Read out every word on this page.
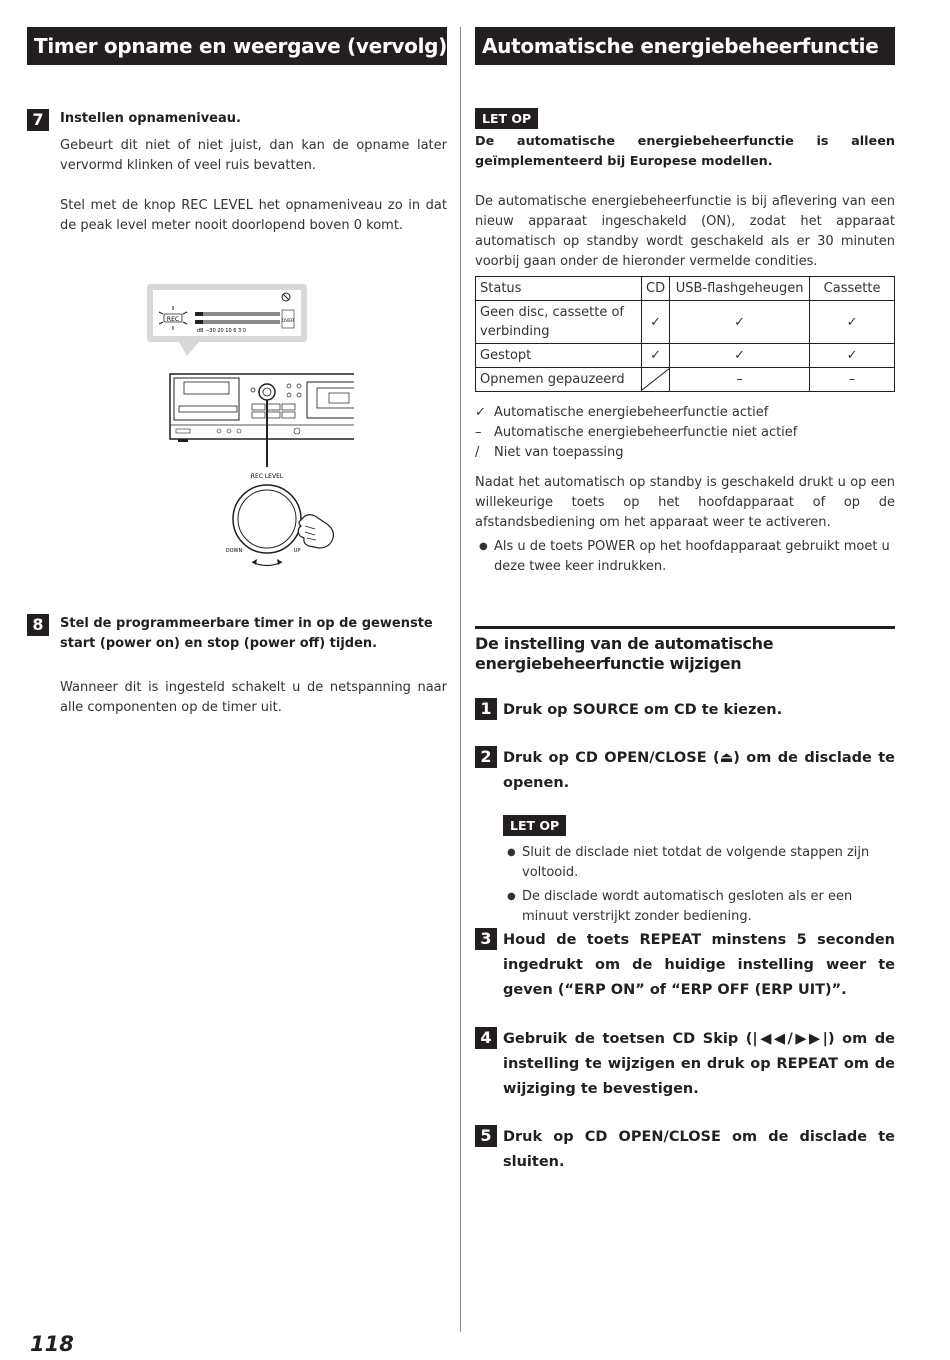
Timer opname en weergave (vervolg)
7	Instellen opnameniveau.
Gebeurt dit niet of niet juist, dan kan de opname later vervormd klinken of veel ruis bevatten.
Stel met de knop REC LEVEL het opnameniveau zo in dat de peak level meter nooit doorlopend boven 0 komt.
REC
dB −30 20 10 6 3 0
OVER
REC LEVEL
DOWN	UP
8	Stel de programmeerbare timer in op de gewenste start (power on) en stop (power off) tijden.
Wanneer dit is ingesteld schakelt u de netspanning naar alle componenten op de timer uit.
Automatische energiebeheerfunctie
LET OP
De automatische energiebeheerfunctie is alleen geïmplementeerd bij Europese modellen.
De automatische energiebeheerfunctie is bij aflevering van een nieuw apparaat ingeschakeld (ON), zodat het apparaat automatisch op standby wordt geschakeld als er 30 minuten voorbij gaan onder de hieronder vermelde condities.
Status	CD	USB-flashgeheugen	Cassette
Geen disc, cassette of verbinding	✓	✓	✓
Gestopt	✓	✓	✓
Opnemen gepauzeerd		–	–
✓ Automatische energiebeheerfunctie actief
– Automatische energiebeheerfunctie niet actief
/	Niet van toepassing
Nadat het automatisch op standby is geschakeld drukt u op een willekeurige toets op het hoofdapparaat of op de afstandsbediening om het apparaat weer te activeren.
● Als u de toets POWER op het hoofdapparaat gebruikt moet u deze twee keer indrukken.
De instelling van de automatische energiebeheerfunctie wijzigen
1 Druk op SOURCE om CD te kiezen.
2 Druk op CD OPEN/CLOSE (⏏) om de disclade te openen.
LET OP
● Sluit de disclade niet totdat de volgende stappen zijn voltooid.
● De disclade wordt automatisch gesloten als er een minuut verstrijkt zonder bediening.
3 Houd de toets REPEAT minstens 5 seconden ingedrukt om de huidige instelling weer te geven (“ERP ON” of “ERP OFF (ERP UIT)”.
4 Gebruik de toetsen CD Skip (|◀◀/▶▶|) om de instelling te wijzigen en druk op REPEAT om de wijziging te bevestigen.
5 Druk op CD OPEN/CLOSE om de disclade te sluiten.
118
